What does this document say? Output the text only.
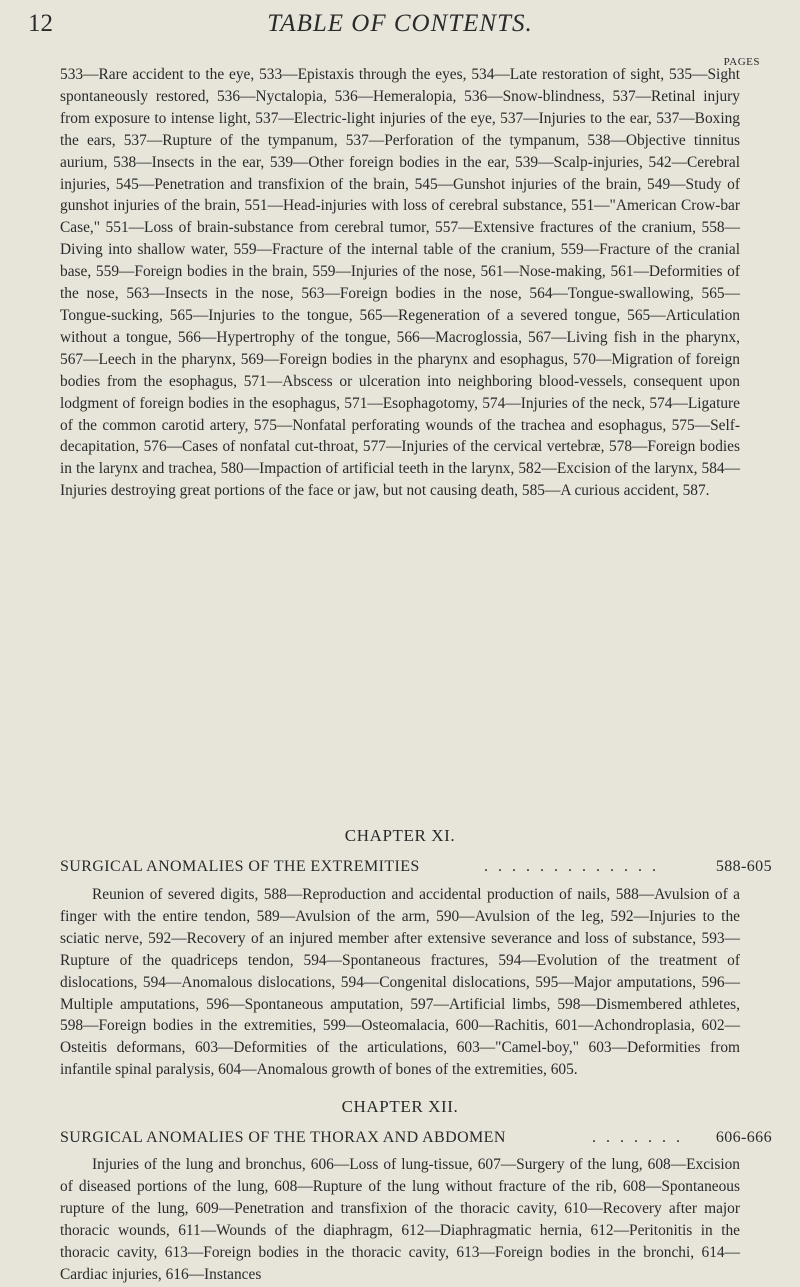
12	TABLE OF CONTENTS.
PAGES

533—Rare accident to the eye, 533—Epistaxis through the eyes, 534—Late restoration of sight, 535—Sight spontaneously restored, 536—Nyctalopia, 536—Hemeralopia, 536—Snow-blindness, 537—Retinal injury from exposure to intense light, 537—Electric-light injuries of the eye, 537—Injuries to the ear, 537—Boxing the ears, 537—Rupture of the tympanum, 537—Perforation of the tympanum, 538—Objective tinnitus aurium, 538—Insects in the ear, 539—Other foreign bodies in the ear, 539—Scalp-injuries, 542—Cerebral injuries, 545—Penetration and transfixion of the brain, 545—Gunshot injuries of the brain, 549—Study of gunshot injuries of the brain, 551—Head-injuries with loss of cerebral substance, 551—"American Crow-bar Case," 551—Loss of brain-substance from cerebral tumor, 557—Extensive fractures of the cranium, 558—Diving into shallow water, 559—Fracture of the internal table of the cranium, 559—Fracture of the cranial base, 559—Foreign bodies in the brain, 559—Injuries of the nose, 561—Nose-making, 561—Deformities of the nose, 563—Insects in the nose, 563—Foreign bodies in the nose, 564—Tongue-swallowing, 565—Tongue-sucking, 565—Injuries to the tongue, 565—Regeneration of a severed tongue, 565—Articulation without a tongue, 566—Hypertrophy of the tongue, 566—Macroglossia, 567—Living fish in the pharynx, 567—Leech in the pharynx, 569—Foreign bodies in the pharynx and esophagus, 570—Migration of foreign bodies from the esophagus, 571—Abscess or ulceration into neighboring blood-vessels, consequent upon lodgment of foreign bodies in the esophagus, 571—Esophagotomy, 574—Injuries of the neck, 574—Ligature of the common carotid artery, 575—Nonfatal perforating wounds of the trachea and esophagus, 575—Self-decapitation, 576—Cases of nonfatal cut-throat, 577—Injuries of the cervical vertebræ, 578—Foreign bodies in the larynx and trachea, 580—Impaction of artificial teeth in the larynx, 582—Excision of the larynx, 584—Injuries destroying great portions of the face or jaw, but not causing death, 585—A curious accident, 587.

CHAPTER XI.
SURGICAL ANOMALIES OF THE EXTREMITIES	. . . . . . . . . . . . .	588-605

Reunion of severed digits, 588—Reproduction and accidental production of nails, 588—Avulsion of a finger with the entire tendon, 589—Avulsion of the arm, 590—Avulsion of the leg, 592—Injuries to the sciatic nerve, 592—Recovery of an injured member after extensive severance and loss of substance, 593—Rupture of the quadriceps tendon, 594—Spontaneous fractures, 594—Evolution of the treatment of dislocations, 594—Anomalous dislocations, 594—Congenital dislocations, 595—Major amputations, 596—Multiple amputations, 596—Spontaneous amputation, 597—Artificial limbs, 598—Dismembered athletes, 598—Foreign bodies in the extremities, 599—Osteomalacia, 600—Rachitis, 601—Achondroplasia, 602—Osteitis deformans, 603—Deformities of the articulations, 603—"Camel-boy," 603—Deformities from infantile spinal paralysis, 604—Anomalous growth of bones of the extremities, 605.

CHAPTER XII.
SURGICAL ANOMALIES OF THE THORAX AND ABDOMEN	. . . . . . . 606-666

Injuries of the lung and bronchus, 606—Loss of lung-tissue, 607—Surgery of the lung, 608—Excision of diseased portions of the lung, 608—Rupture of the lung without fracture of the rib, 608—Spontaneous rupture of the lung, 609—Penetration and transfixion of the thoracic cavity, 610—Recovery after major thoracic wounds, 611—Wounds of the diaphragm, 612—Diaphragmatic hernia, 612—Peritonitis in the thoracic cavity, 613—Foreign bodies in the thoracic cavity, 613—Foreign bodies in the bronchi, 614—Cardiac injuries, 616—Instances
